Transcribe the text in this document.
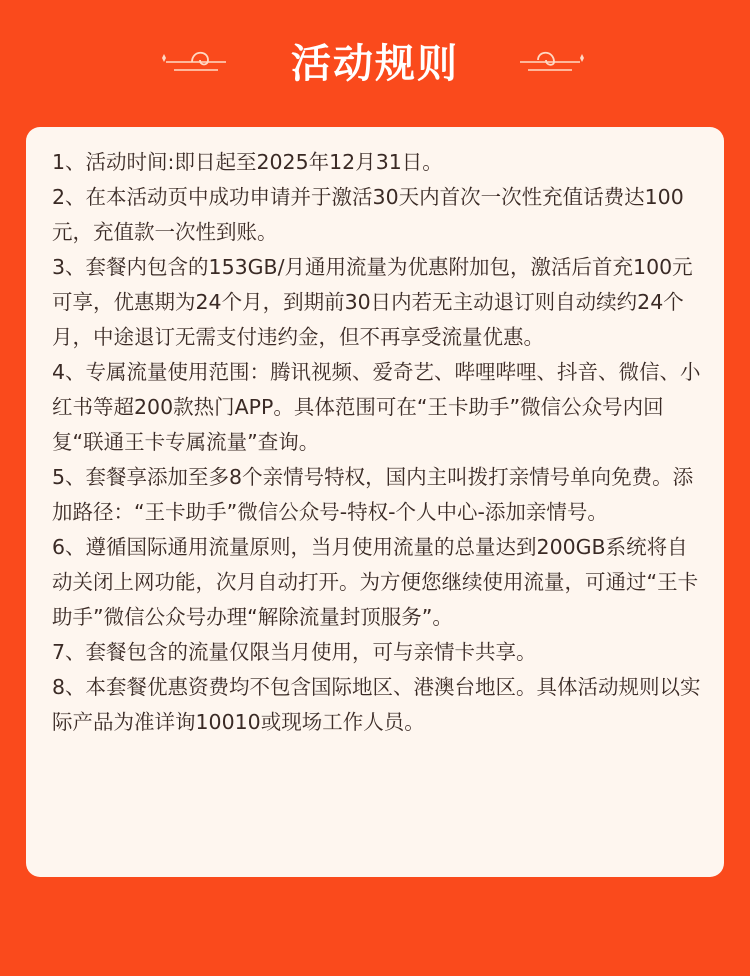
活动规则

1、活动时间:即日起至2025年12月31日。

2、在本活动页中成功申请并于激活30天内首次一次性充值话费达100元，充值款一次性到账。

3、套餐内包含的153GB/月通用流量为优惠附加包，激活后首充100元可享，优惠期为24个月，到期前30日内若无主动退订则自动续约24个月，中途退订无需支付违约金，但不再享受流量优惠。

4、专属流量使用范围：腾讯视频、爱奇艺、哔哩哔哩、抖音、微信、小红书等超200款热门APP。具体范围可在“王卡助手”微信公众号内回复“联通王卡专属流量”查询。

5、套餐享添加至多8个亲情号特权，国内主叫拨打亲情号单向免费。添加路径：“王卡助手”微信公众号-特权-个人中心-添加亲情号。

6、遵循国际通用流量原则，当月使用流量的总量达到200GB系统将自动关闭上网功能，次月自动打开。为方便您继续使用流量，可通过“王卡助手”微信公众号办理“解除流量封顶服务”。

7、套餐包含的流量仅限当月使用，可与亲情卡共享。

8、本套餐优惠资费均不包含国际地区、港澳台地区。具体活动规则以实际产品为准详询10010或现场工作人员。
